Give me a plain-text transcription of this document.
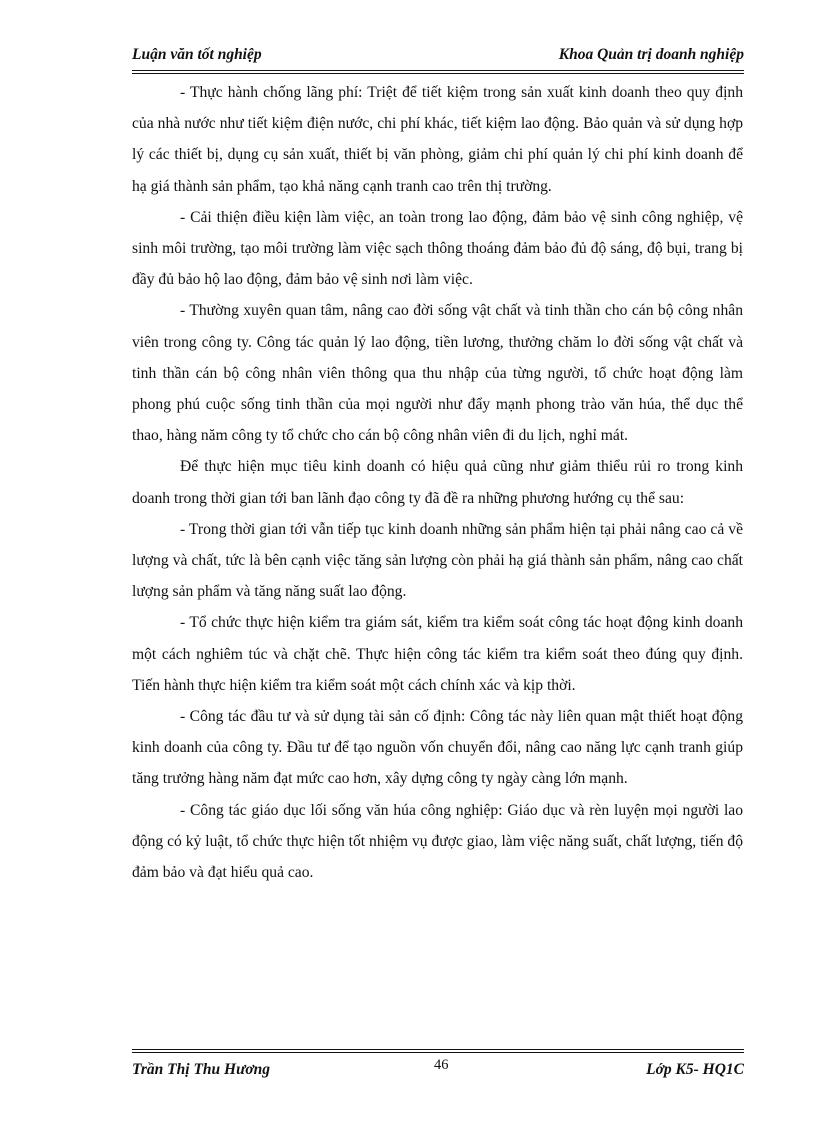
Luận văn tốt nghiệp	Khoa Quản trị doanh nghiệp

- Thực hành chống lãng phí: Triệt để tiết kiệm trong sản xuất kinh doanh theo quy định của nhà nước như tiết kiệm điện nước, chi phí khác, tiết kiệm lao động. Bảo quản và sử dụng hợp lý các thiết bị, dụng cụ sản xuất, thiết bị văn phòng, giảm chi phí quản lý chi phí kinh doanh để hạ giá thành sản phẩm, tạo khả năng cạnh tranh cao trên thị trường.

- Cải thiện điều kiện làm việc, an toàn trong lao động, đảm bảo vệ sinh công nghiệp, vệ sinh môi trường, tạo môi trường làm việc sạch thông thoáng đảm bảo đủ độ sáng, độ bụi, trang bị đầy đủ bảo hộ lao động, đảm bảo vệ sinh nơi làm việc.

- Thường xuyên quan tâm, nâng cao đời sống vật chất và tinh thần cho cán bộ công nhân viên trong công ty. Công tác quản lý lao động, tiền lương, thưởng chăm lo đời sống vật chất và tinh thần cán bộ công nhân viên thông qua thu nhập của từng người, tổ chức hoạt động làm phong phú cuộc sống tinh thần của mọi người như đẩy mạnh phong trào văn húa, thể dục thể thao, hàng năm công ty tổ chức cho cán bộ công nhân viên đi du lịch, nghỉ mát.

Để thực hiện mục tiêu kinh doanh có hiệu quả cũng như giảm thiểu rủi ro trong kinh doanh trong thời gian tới ban lãnh đạo công ty đã đề ra những phương hướng cụ thể sau:

- Trong thời gian tới vẫn tiếp tục kinh doanh những sản phẩm hiện tại phải nâng cao cả về lượng và chất, tức là bên cạnh việc tăng sản lượng còn phải hạ giá thành sản phẩm, nâng cao chất lượng sản phẩm và tăng năng suất lao động.

- Tổ chức thực hiện kiểm tra giám sát, kiểm tra kiểm soát công tác hoạt động kinh doanh một cách nghiêm túc và chặt chẽ. Thực hiện công tác kiểm tra kiểm soát theo đúng quy định. Tiến hành thực hiện kiểm tra kiểm soát một cách chính xác và kịp thời.

- Công tác đầu tư và sử dụng tài sản cố định: Công tác này liên quan mật thiết hoạt động kinh doanh của công ty. Đầu tư để tạo nguồn vốn chuyển đổi, nâng cao năng lực cạnh tranh giúp tăng trưởng hàng năm đạt mức cao hơn, xây dựng công ty ngày càng lớn mạnh.

- Công tác giáo dục lối sống văn húa công nghiệp: Giáo dục và rèn luyện mọi người lao động có kỷ luật, tổ chức thực hiện tốt nhiệm vụ được giao, làm việc năng suất, chất lượng, tiến độ đảm bảo và đạt hiểu quả cao.

Trần Thị Thu Hương	46	Lớp K5- HQ1C
